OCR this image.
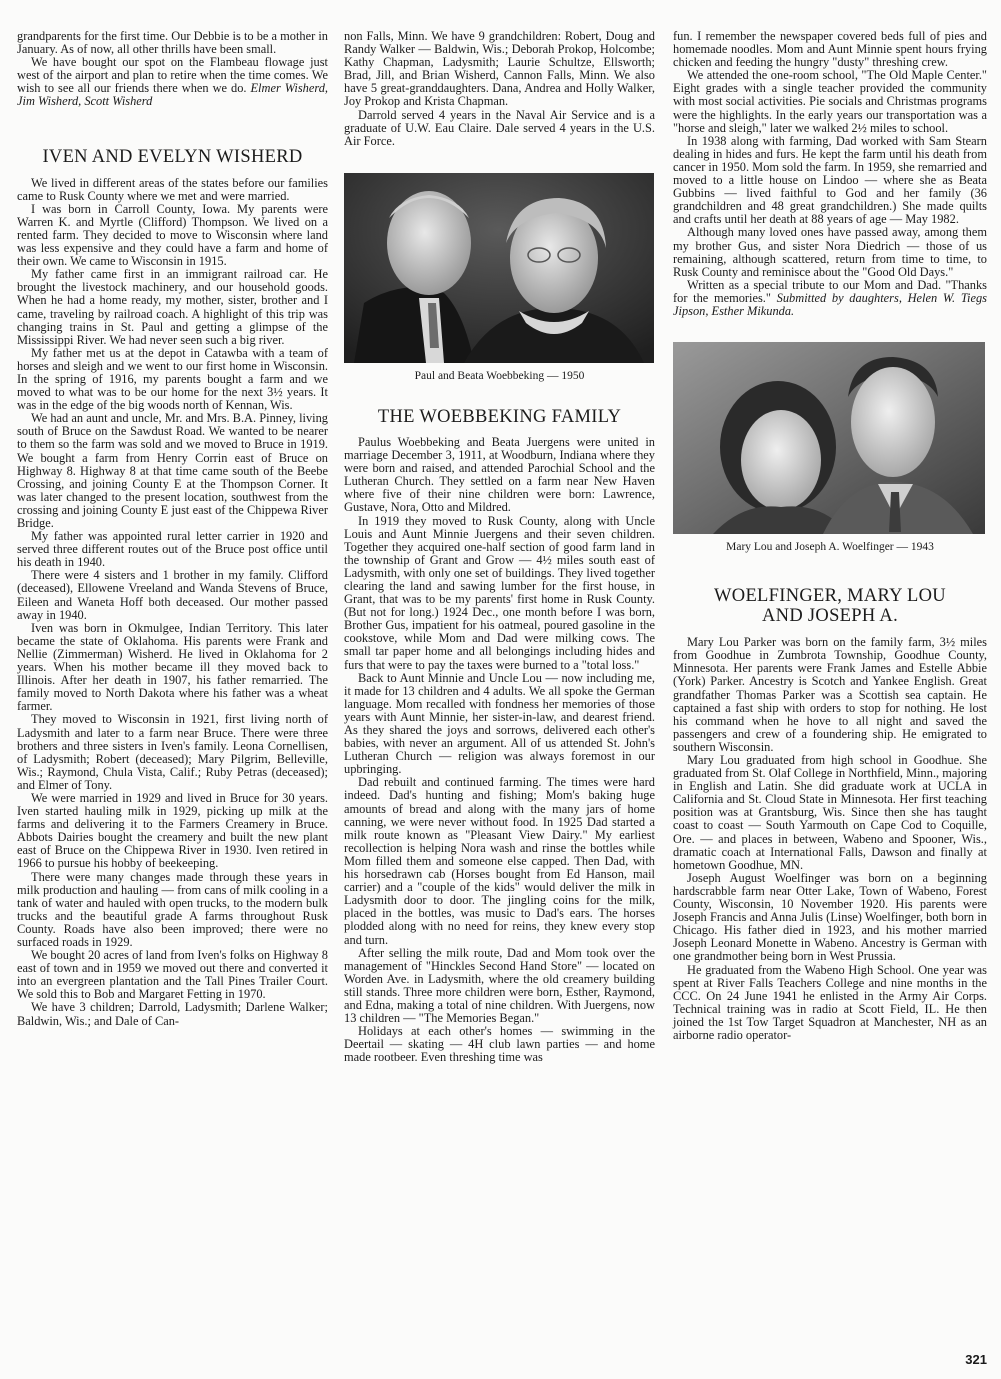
grandparents for the first time. Our Debbie is to be a mother in January. As of now, all other thrills have been small.

We have bought our spot on the Flambeau flowage just west of the airport and plan to retire when the time comes. We wish to see all our friends there when we do. Elmer Wisherd, Jim Wisherd, Scott Wisherd

IVEN AND EVELYN WISHERD

We lived in different areas of the states before our families came to Rusk County where we met and were married.

I was born in Carroll County, Iowa. My parents were Warren K. and Myrtle (Clifford) Thompson. We lived on a rented farm. They decided to move to Wisconsin where land was less expensive and they could have a farm and home of their own. We came to Wisconsin in 1915.

My father came first in an immigrant railroad car. He brought the livestock machinery, and our household goods. When he had a home ready, my mother, sister, brother and I came, traveling by railroad coach. A highlight of this trip was changing trains in St. Paul and getting a glimpse of the Mississippi River. We had never seen such a big river.

My father met us at the depot in Catawba with a team of horses and sleigh and we went to our first home in Wisconsin. In the spring of 1916, my parents bought a farm and we moved to what was to be our home for the next 3½ years. It was in the edge of the big woods north of Kennan, Wis.

We had an aunt and uncle, Mr. and Mrs. B.A. Pinney, living south of Bruce on the Sawdust Road. We wanted to be nearer to them so the farm was sold and we moved to Bruce in 1919. We bought a farm from Henry Corrin east of Bruce on Highway 8. Highway 8 at that time came south of the Beebe Crossing, and joining County E at the Thompson Corner. It was later changed to the present location, southwest from the crossing and joining County E just east of the Chippewa River Bridge.

My father was appointed rural letter carrier in 1920 and served three different routes out of the Bruce post office until his death in 1940.

There were 4 sisters and 1 brother in my family. Clifford (deceased), Ellowene Vreeland and Wanda Stevens of Bruce, Eileen and Waneta Hoff both deceased. Our mother passed away in 1940.

Iven was born in Okmulgee, Indian Territory. This later became the state of Oklahoma. His parents were Frank and Nellie (Zimmerman) Wisherd. He lived in Oklahoma for 2 years. When his mother became ill they moved back to Illinois. After her death in 1907, his father remarried. The family moved to North Dakota where his father was a wheat farmer.

They moved to Wisconsin in 1921, first living north of Ladysmith and later to a farm near Bruce. There were three brothers and three sisters in Iven's family. Leona Cornellisen, of Ladysmith; Robert (deceased); Mary Pilgrim, Belleville, Wis.; Raymond, Chula Vista, Calif.; Ruby Petras (deceased); and Elmer of Tony.

We were married in 1929 and lived in Bruce for 30 years. Iven started hauling milk in 1929, picking up milk at the farms and delivering it to the Farmers Creamery in Bruce. Abbots Dairies bought the creamery and built the new plant east of Bruce on the Chippewa River in 1930. Iven retired in 1966 to pursue his hobby of beekeeping.

There were many changes made through these years in milk production and hauling — from cans of milk cooling in a tank of water and hauled with open trucks, to the modern bulk trucks and the beautiful grade A farms throughout Rusk County. Roads have also been improved; there were no surfaced roads in 1929.

We bought 20 acres of land from Iven's folks on Highway 8 east of town and in 1959 we moved out there and converted it into an evergreen plantation and the Tall Pines Trailer Court. We sold this to Bob and Margaret Fetting in 1970.

We have 3 children; Darrold, Ladysmith; Darlene Walker; Baldwin, Wis.; and Dale of Can-

non Falls, Minn. We have 9 grandchildren: Robert, Doug and Randy Walker — Baldwin, Wis.; Deborah Prokop, Holcombe; Kathy Chapman, Ladysmith; Laurie Schultze, Ellsworth; Brad, Jill, and Brian Wisherd, Cannon Falls, Minn. We also have 5 great-granddaughters. Dana, Andrea and Holly Walker, Joy Prokop and Krista Chapman.

Darrold served 4 years in the Naval Air Service and is a graduate of U.W. Eau Claire. Dale served 4 years in the U.S. Air Force.

Paul and Beata Woebbeking — 1950
THE WOEBBEKING FAMILY

Paulus Woebbeking and Beata Juergens were united in marriage December 3, 1911, at Woodburn, Indiana where they were born and raised, and attended Parochial School and the Lutheran Church. They settled on a farm near New Haven where five of their nine children were born: Lawrence, Gustave, Nora, Otto and Mildred.

In 1919 they moved to Rusk County, along with Uncle Louis and Aunt Minnie Juergens and their seven children. Together they acquired one-half section of good farm land in the township of Grant and Grow — 4½ miles south east of Ladysmith, with only one set of buildings. They lived together clearing the land and sawing lumber for the first house, in Grant, that was to be my parents' first home in Rusk County. (But not for long.) 1924 Dec., one month before I was born, Brother Gus, impatient for his oatmeal, poured gasoline in the cookstove, while Mom and Dad were milking cows. The small tar paper home and all belongings including hides and furs that were to pay the taxes were burned to a "total loss."

Back to Aunt Minnie and Uncle Lou — now including me, it made for 13 children and 4 adults. We all spoke the German language. Mom recalled with fondness her memories of those years with Aunt Minnie, her sister-in-law, and dearest friend. As they shared the joys and sorrows, delivered each other's babies, with never an argument. All of us attended St. John's Lutheran Church — religion was always foremost in our upbringing.

Dad rebuilt and continued farming. The times were hard indeed. Dad's hunting and fishing; Mom's baking huge amounts of bread and along with the many jars of home canning, we were never without food. In 1925 Dad started a milk route known as "Pleasant View Dairy." My earliest recollection is helping Nora wash and rinse the bottles while Mom filled them and someone else capped. Then Dad, with his horsedrawn cab (Horses bought from Ed Hanson, mail carrier) and a "couple of the kids" would deliver the milk in Ladysmith door to door. The jingling coins for the milk, placed in the bottles, was music to Dad's ears. The horses plodded along with no need for reins, they knew every stop and turn.

After selling the milk route, Dad and Mom took over the management of "Hinckles Second Hand Store" — located on Worden Ave. in Ladysmith, where the old creamery building still stands. Three more children were born, Esther, Raymond, and Edna, making a total of nine children. With Juergens, now 13 children — "The Memories Began."

Holidays at each other's homes — swimming in the Deertail — skating — 4H club lawn parties — and home made rootbeer. Even threshing time was

fun. I remember the newspaper covered beds full of pies and homemade noodles. Mom and Aunt Minnie spent hours frying chicken and feeding the hungry "dusty" threshing crew.

We attended the one-room school, "The Old Maple Center." Eight grades with a single teacher provided the community with most social activities. Pie socials and Christmas programs were the highlights. In the early years our transportation was a "horse and sleigh," later we walked 2½ miles to school.

In 1938 along with farming, Dad worked with Sam Stearn dealing in hides and furs. He kept the farm until his death from cancer in 1950. Mom sold the farm. In 1959, she remarried and moved to a little house on Lindoo — where she as Beata Gubbins — lived faithful to God and her family (36 grandchildren and 48 great grandchildren.) She made quilts and crafts until her death at 88 years of age — May 1982.

Although many loved ones have passed away, among them my brother Gus, and sister Nora Diedrich — those of us remaining, although scattered, return from time to time, to Rusk County and reminisce about the "Good Old Days."

Written as a special tribute to our Mom and Dad. "Thanks for the memories." Submitted by daughters, Helen W. Tiegs Jipson, Esther Mikunda.

Mary Lou and Joseph A. Woelfinger — 1943
WOELFINGER, MARY LOU
AND JOSEPH A.

Mary Lou Parker was born on the family farm, 3½ miles from Goodhue in Zumbrota Township, Goodhue County, Minnesota. Her parents were Frank James and Estelle Abbie (York) Parker. Ancestry is Scotch and Yankee English. Great grandfather Thomas Parker was a Scottish sea captain. He captained a fast ship with orders to stop for nothing. He lost his command when he hove to all night and saved the passengers and crew of a foundering ship. He emigrated to southern Wisconsin.

Mary Lou graduated from high school in Goodhue. She graduated from St. Olaf College in Northfield, Minn., majoring in English and Latin. She did graduate work at UCLA in California and St. Cloud State in Minnesota. Her first teaching position was at Grantsburg, Wis. Since then she has taught coast to coast — South Yarmouth on Cape Cod to Coquille, Ore. — and places in between, Wabeno and Spooner, Wis., dramatic coach at International Falls, Dawson and finally at hometown Goodhue, MN.

Joseph August Woelfinger was born on a beginning hardscrabble farm near Otter Lake, Town of Wabeno, Forest County, Wisconsin, 10 November 1920. His parents were Joseph Francis and Anna Julis (Linse) Woelfinger, both born in Chicago. His father died in 1923, and his mother married Joseph Leonard Monette in Wabeno. Ancestry is German with one grandmother being born in West Prussia.

He graduated from the Wabeno High School. One year was spent at River Falls Teachers College and nine months in the CCC. On 24 June 1941 he enlisted in the Army Air Corps. Technical training was in radio at Scott Field, IL. He then joined the 1st Tow Target Squadron at Manchester, NH as an airborne radio operator-

321
